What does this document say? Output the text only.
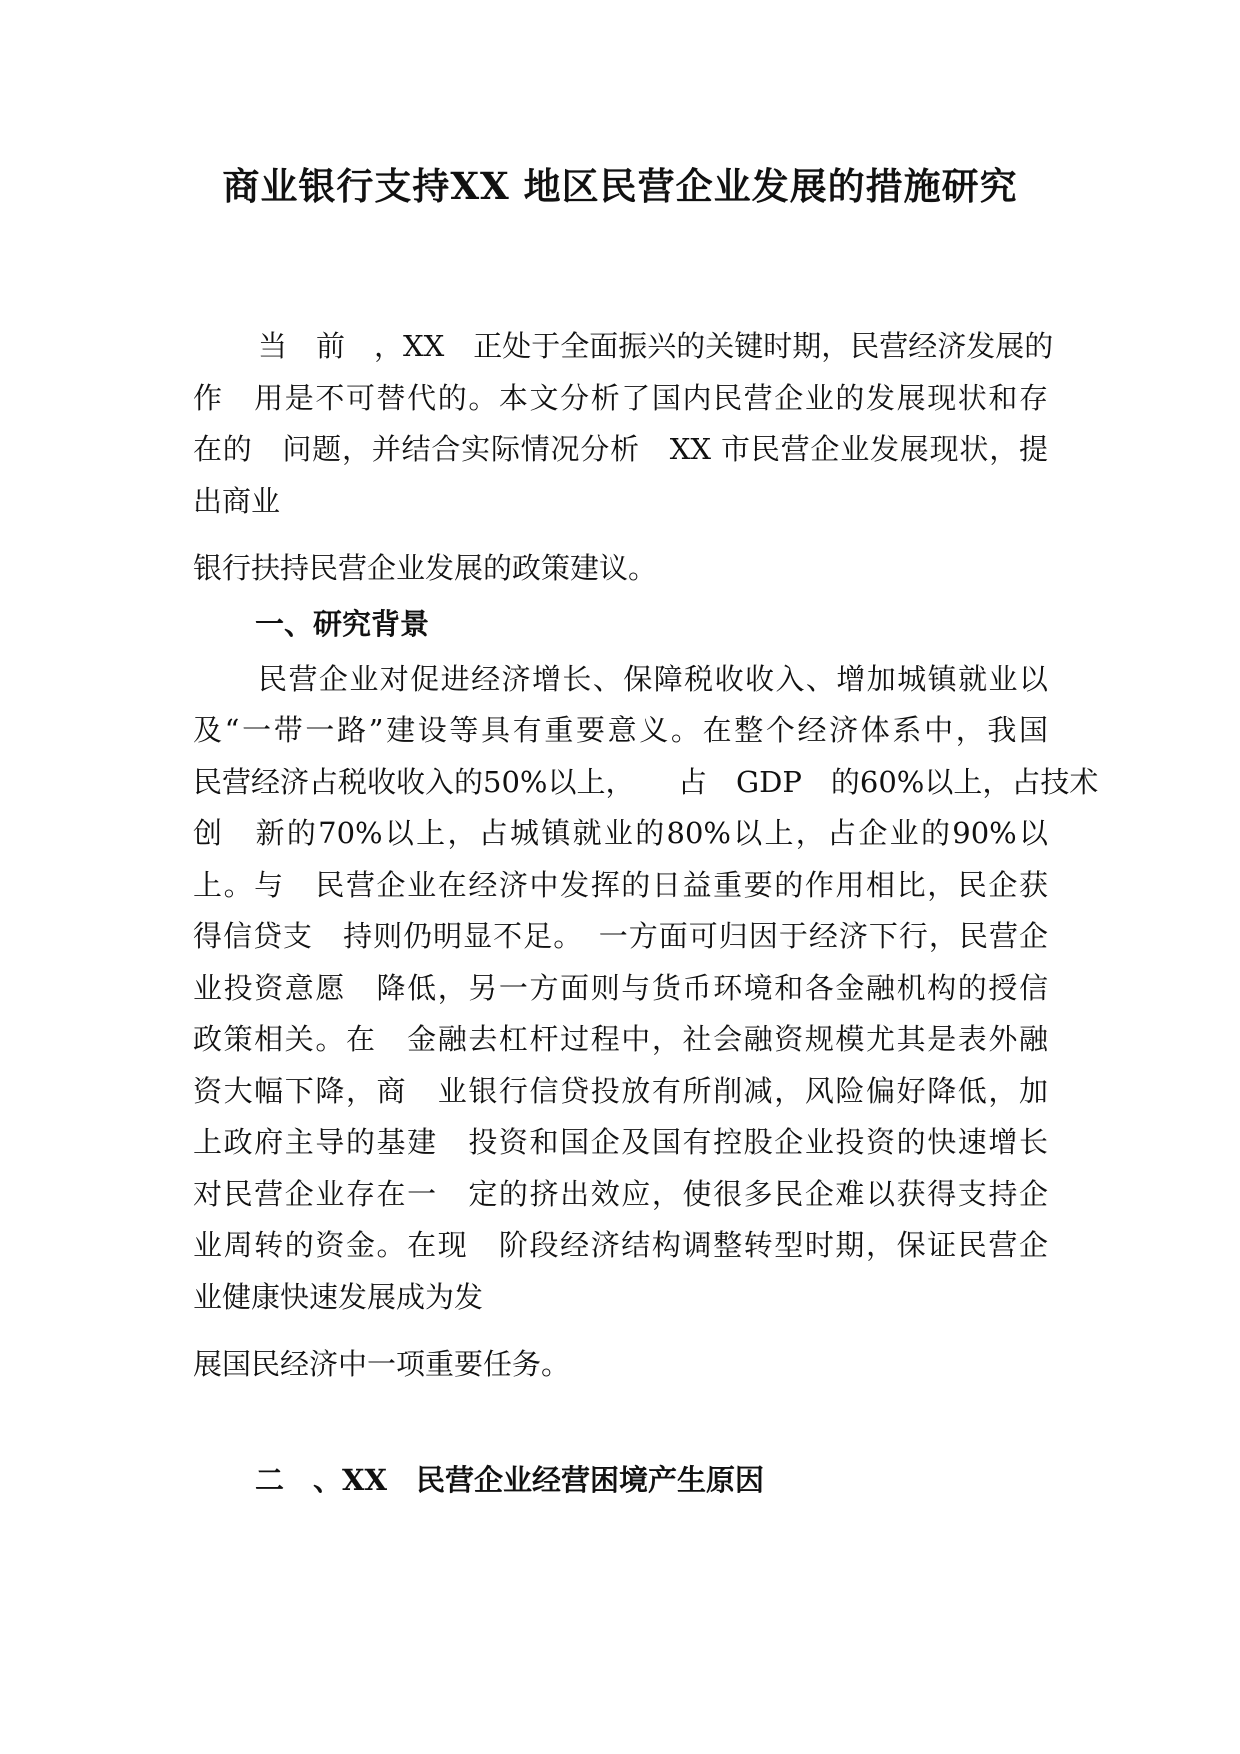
商业银行支持XX 地区民营企业发展的措施研究

当　前　，XX　正处于全面振兴的关键时期，民营经济发展的

作　用是不可替代的。本文分析了国内民营企业的发展现状和存

在的　问题，并结合实际情况分析　XX 市民营企业发展现状，提

出商业

银行扶持民营企业发展的政策建议。

一、研究背景

民营企业对促进经济增长、保障税收收入、增加城镇就业以

及“一带一路”建设等具有重要意义。在整个经济体系中，我国

民营经济占税收收入的50%以上，　　占　GDP　的60%以上，占技术

创　新的70%以上，占城镇就业的80%以上，占企业的90%以

上。与　民营企业在经济中发挥的日益重要的作用相比，民企获

得信贷支　持则仍明显不足。　一方面可归因于经济下行，民营企

业投资意愿　降低，另一方面则与货币环境和各金融机构的授信

政策相关。在　金融去杠杆过程中，社会融资规模尤其是表外融

资大幅下降，商　业银行信贷投放有所削减，风险偏好降低，加

上政府主导的基建　投资和国企及国有控股企业投资的快速增长

对民营企业存在一　定的挤出效应，使很多民企难以获得支持企

业周转的资金。在现　阶段经济结构调整转型时期，保证民营企

业健康快速发展成为发

展国民经济中一项重要任务。

二　、XX　民营企业经营困境产生原因
